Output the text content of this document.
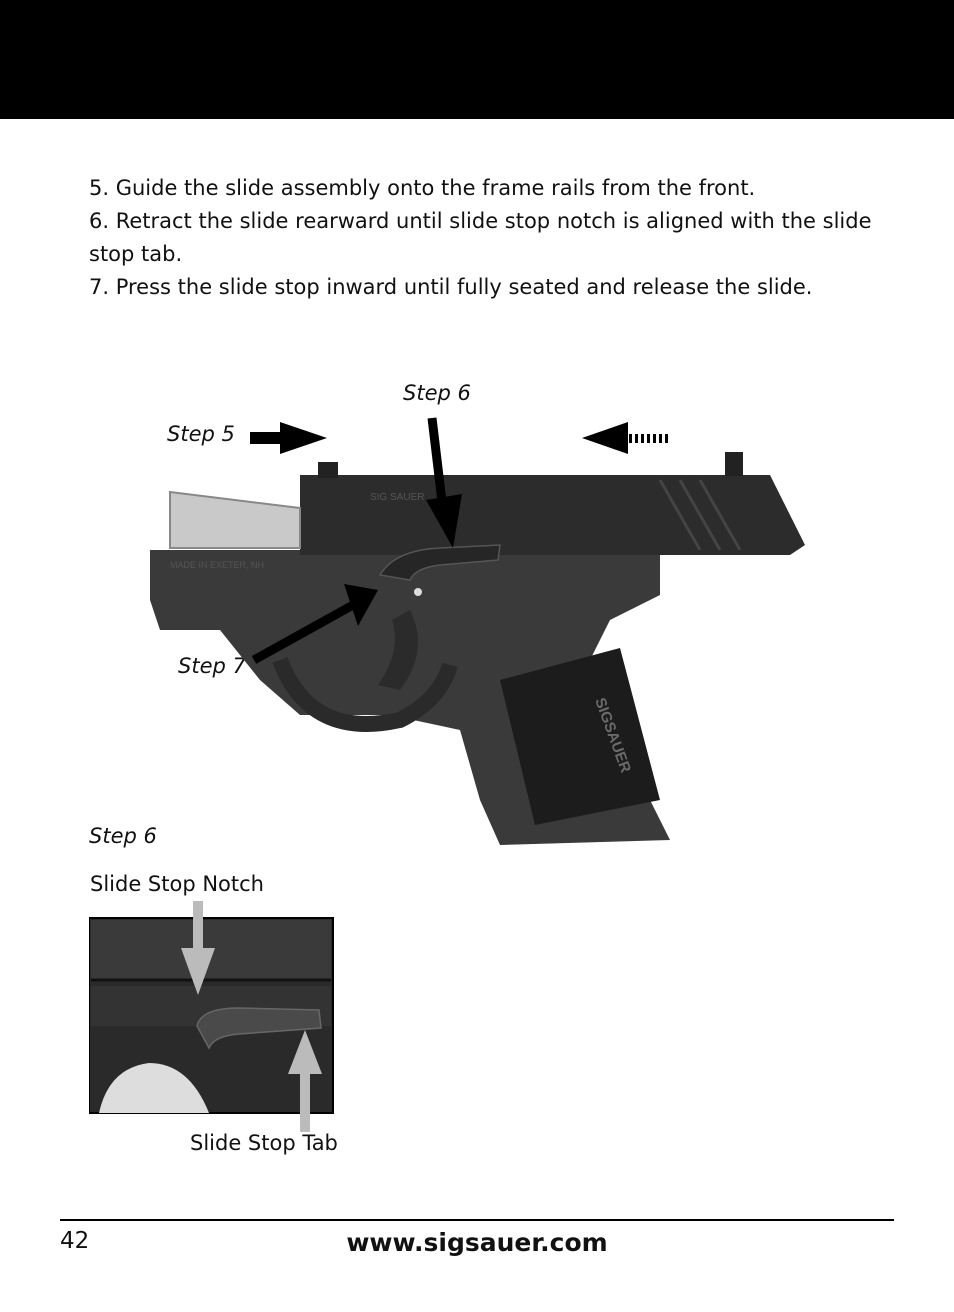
5. Guide the slide assembly onto the frame rails from the front.

6. Retract the slide rearward until slide stop notch is aligned with the slide stop tab.

7. Press the slide stop inward until fully seated and release the slide.

Step 6
Step 5
Step 7
SIGSAUER
SIG SAUER
MADE IN EXETER, NH
Step 6
Slide Stop Notch
Slide Stop Tab
42	www.sigsauer.com
